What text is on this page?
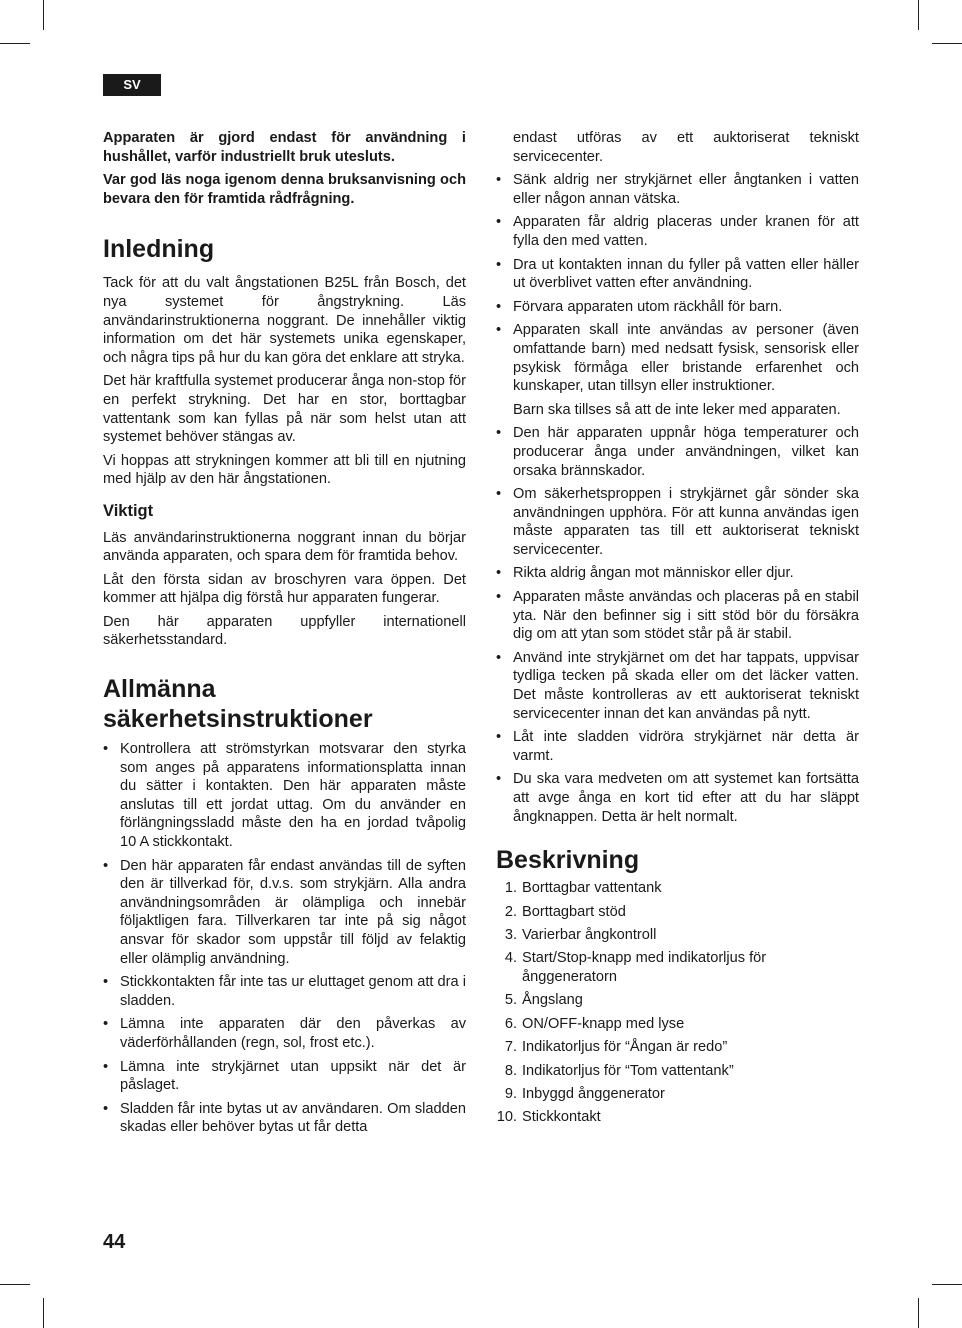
SV

Apparaten är gjord endast för användning i hushållet, varför industriellt bruk utesluts.

Var god läs noga igenom denna bruksanvisning och bevara den för framtida rådfrågning.

Inledning

Tack för att du valt ångstationen B25L från Bosch, det nya systemet för ångstrykning. Läs användarinstruktionerna noggrant. De innehåller viktig information om det här systemets unika egenskaper, och några tips på hur du kan göra det enklare att stryka.

Det här kraftfulla systemet producerar ånga non-stop för en perfekt strykning. Det har en stor, borttagbar vattentank som kan fyllas på när som helst utan att systemet behöver stängas av.

Vi hoppas att strykningen kommer att bli till en njutning med hjälp av den här ångstationen.

Viktigt

Läs användarinstruktionerna noggrant innan du börjar använda apparaten, och spara dem för framtida behov.

Låt den första sidan av broschyren vara öppen. Det kommer att hjälpa dig förstå hur apparaten fungerar.

Den här apparaten uppfyller internationell säkerhetsstandard.

Allmänna säkerhetsinstruktioner
• Kontrollera att strömstyrkan motsvarar den styrka som anges på apparatens informationsplatta innan du sätter i kontakten. Den här apparaten måste anslutas till ett jordat uttag. Om du använder en förlängningssladd måste den ha en jordad tvåpolig 10 A stickkontakt.
• Den här apparaten får endast användas till de syften den är tillverkad för, d.v.s. som strykjärn. Alla andra användningsområden är olämpliga och innebär följaktligen fara. Tillverkaren tar inte på sig något ansvar för skador som uppstår till följd av felaktig eller olämplig användning.
• Stickkontakten får inte tas ur eluttaget genom att dra i sladden.
• Lämna inte apparaten där den påverkas av väderförhållanden (regn, sol, frost etc.).
• Lämna inte strykjärnet utan uppsikt när det är påslaget.
• Sladden får inte bytas ut av användaren. Om sladden skadas eller behöver bytas ut får detta
endast utföras av ett auktoriserat tekniskt servicecenter.
• Sänk aldrig ner strykjärnet eller ångtanken i vatten eller någon annan vätska.
• Apparaten får aldrig placeras under kranen för att fylla den med vatten.
• Dra ut kontakten innan du fyller på vatten eller häller ut överblivet vatten efter användning.
• Förvara apparaten utom räckhåll för barn.
• Apparaten skall inte användas av personer (även omfattande barn) med nedsatt fysisk, sensorisk eller psykisk förmåga eller bristande erfarenhet och kunskaper, utan tillsyn eller instruktioner.
Barn ska tillses så att de inte leker med apparaten.
• Den här apparaten uppnår höga temperaturer och producerar ånga under användningen, vilket kan orsaka brännskador.
• Om säkerhetsproppen i strykjärnet går sönder ska användningen upphöra. För att kunna användas igen måste apparaten tas till ett auktoriserat tekniskt servicecenter.
• Rikta aldrig ångan mot människor eller djur.
• Apparaten måste användas och placeras på en stabil yta. När den befinner sig i sitt stöd bör du försäkra dig om att ytan som stödet står på är stabil.
• Använd inte strykjärnet om det har tappats, uppvisar tydliga tecken på skada eller om det läcker vatten. Det måste kontrolleras av ett auktoriserat tekniskt servicecenter innan det kan användas på nytt.
• Låt inte sladden vidröra strykjärnet när detta är varmt.
• Du ska vara medveten om att systemet kan fortsätta att avge ånga en kort tid efter att du har släppt ångknappen. Detta är helt normalt.
Beskrivning
1. Borttagbar vattentank
2. Borttagbart stöd
3. Varierbar ångkontroll
4. Start/Stop-knapp med indikatorljus för ånggeneratorn
5. Ångslang
6. ON/OFF-knapp med lyse
7. Indikatorljus för “Ångan är redo”
8. Indikatorljus för “Tom vattentank”
9. Inbyggd ånggenerator
10. Stickkontakt
44
